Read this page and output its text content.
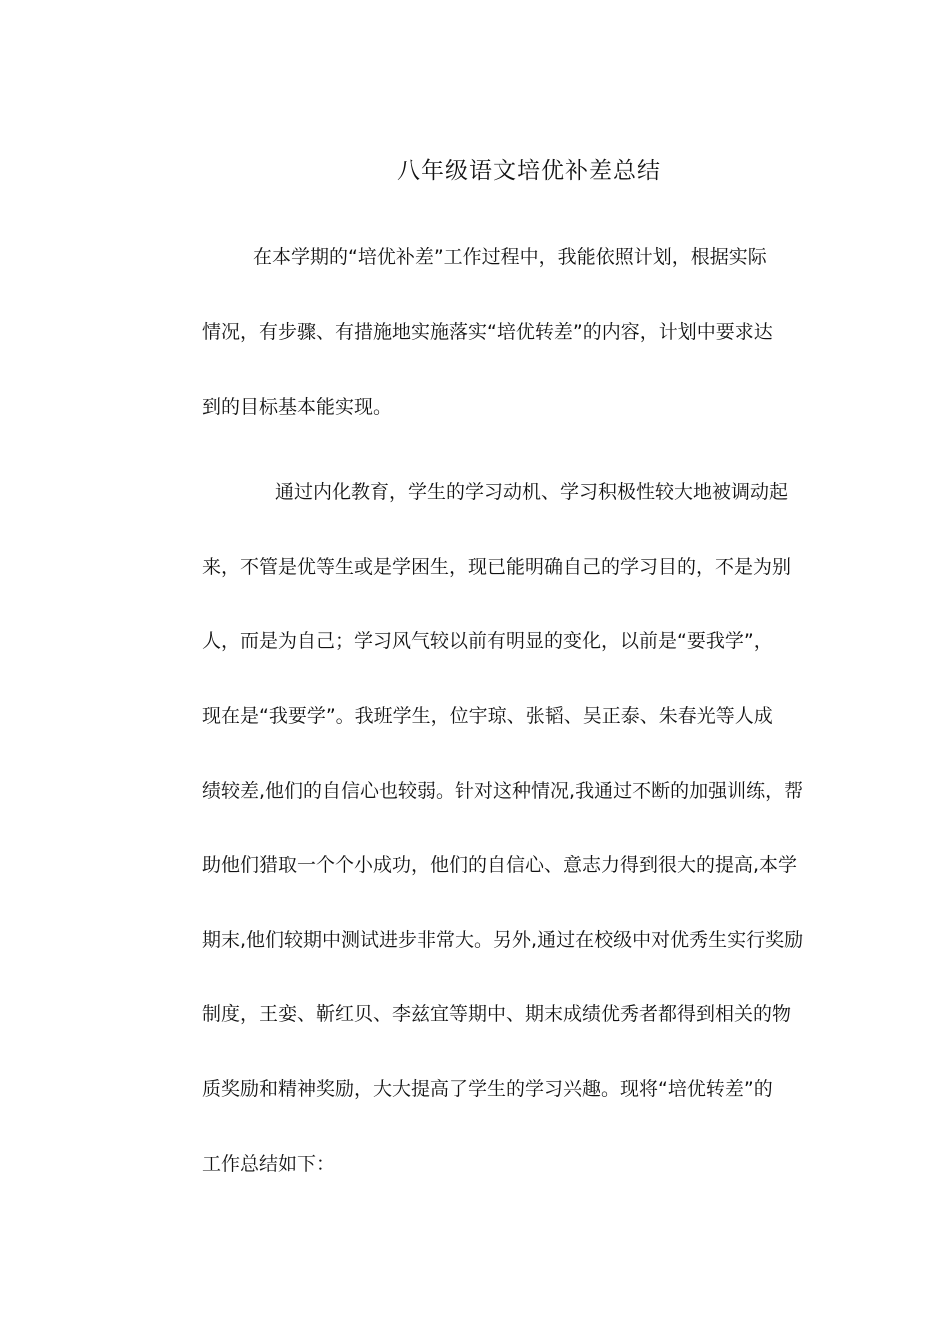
八年级语文培优补差总结
在本学期的“培优补差”工作过程中，我能依照计划，根据实际
情况，有步骤、有措施地实施落实“培优转差”的内容，计划中要求达
到的目标基本能实现。
通过内化教育，学生的学习动机、学习积极性较大地被调动起
来，不管是优等生或是学困生，现已能明确自己的学习目的，不是为别
人，而是为自己；学习风气较以前有明显的变化，以前是“要我学”，
现在是“我要学”。我班学生，位宇琼、张韬、吴正泰、朱春光等人成
绩较差,他们的自信心也较弱。针对这种情况,我通过不断的加强训练，帮
助他们猎取一个个小成功，他们的自信心、意志力得到很大的提高,本学
期末,他们较期中测试进步非常大。另外,通过在校级中对优秀生实行奖励
制度，王娈、靳红贝、李兹宜等期中、期末成绩优秀者都得到相关的物
质奖励和精神奖励，大大提高了学生的学习兴趣。现将“培优转差”的
工作总结如下：
